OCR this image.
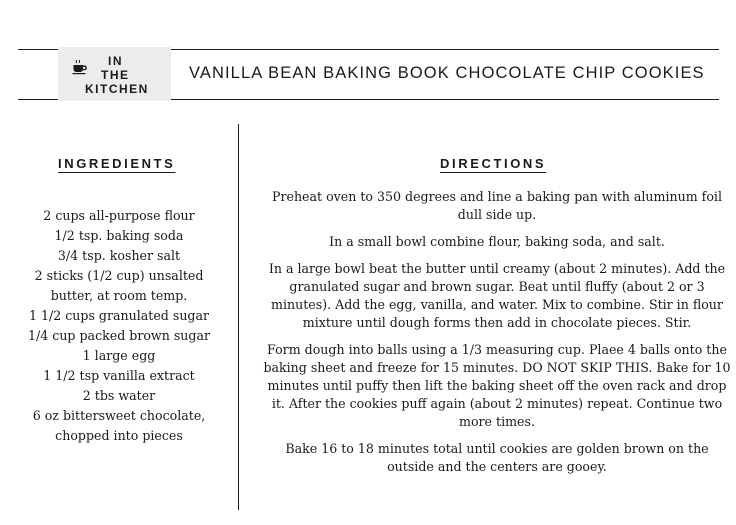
IN
THE
KITCHEN
VANILLA BEAN BAKING BOOK CHOCOLATE CHIP COOKIES
INGREDIENTS
2 cups all-purpose flour
1/2 tsp. baking soda
3/4 tsp. kosher salt
2 sticks (1/2 cup) unsalted butter, at room temp.
1 1/2 cups granulated sugar
1/4 cup packed brown sugar
1 large egg
1 1/2 tsp vanilla extract
2 tbs water
6 oz bittersweet chocolate, chopped into pieces
DIRECTIONS

Preheat oven to 350 degrees and line a baking pan with aluminum foil dull side up.

In a small bowl combine flour, baking soda, and salt.

In a large bowl beat the butter until creamy (about 2 minutes). Add the granulated sugar and brown sugar. Beat until fluffy (about 2 or 3 minutes). Add the egg, vanilla, and water. Mix to combine. Stir in flour mixture until dough forms then add in chocolate pieces. Stir.

Form dough into balls using a 1/3 measuring cup. Plaee 4 balls onto the baking sheet and freeze for 15 minutes. DO NOT SKIP THIS. Bake for 10 minutes until puffy then lift the baking sheet off the oven rack and drop it. After the cookies puff again (about 2 minutes) repeat. Continue two more times.

Bake 16 to 18 minutes total until cookies are golden brown on the outside and the centers are gooey.
